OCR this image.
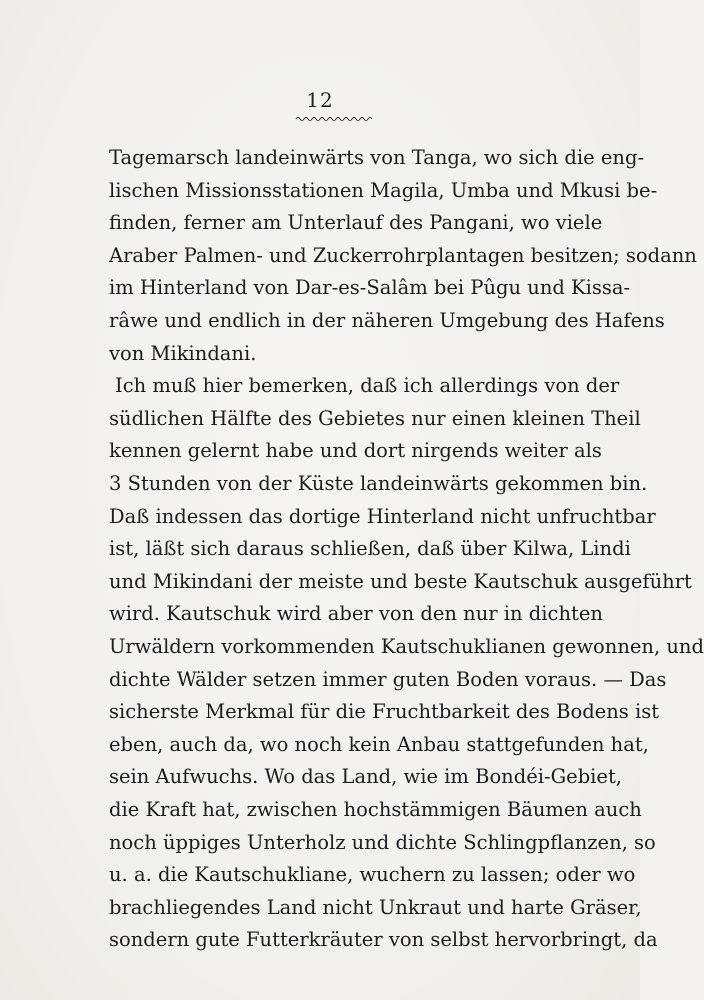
12
Tagemarsch landeinwärts von Tanga, wo sich die eng-
lischen Missionsstationen Magila, Umba und Mkusi be-
finden, ferner am Unterlauf des Pangani, wo viele
Araber Palmen- und Zuckerrohrplantagen besitzen; sodann
im Hinterland von Dar-es-Salâm bei Pûgu und Kissa-
râwe und endlich in der näheren Umgebung des Hafens
von Mikindani.
Ich muß hier bemerken, daß ich allerdings von der
südlichen Hälfte des Gebietes nur einen kleinen Theil
kennen gelernt habe und dort nirgends weiter als
3 Stunden von der Küste landeinwärts gekommen bin.
Daß indessen das dortige Hinterland nicht unfruchtbar
ist, läßt sich daraus schließen, daß über Kilwa, Lindi
und Mikindani der meiste und beste Kautschuk ausgeführt
wird. Kautschuk wird aber von den nur in dichten
Urwäldern vorkommenden Kautschuklianen gewonnen, und
dichte Wälder setzen immer guten Boden voraus. — Das
sicherste Merkmal für die Fruchtbarkeit des Bodens ist
eben, auch da, wo noch kein Anbau stattgefunden hat,
sein Aufwuchs. Wo das Land, wie im Bondéi-Gebiet,
die Kraft hat, zwischen hochstämmigen Bäumen auch
noch üppiges Unterholz und dichte Schlingpflanzen, so
u. a. die Kautschukliane, wuchern zu lassen; oder wo
brachliegendes Land nicht Unkraut und harte Gräser,
sondern gute Futterkräuter von selbst hervorbringt, da
